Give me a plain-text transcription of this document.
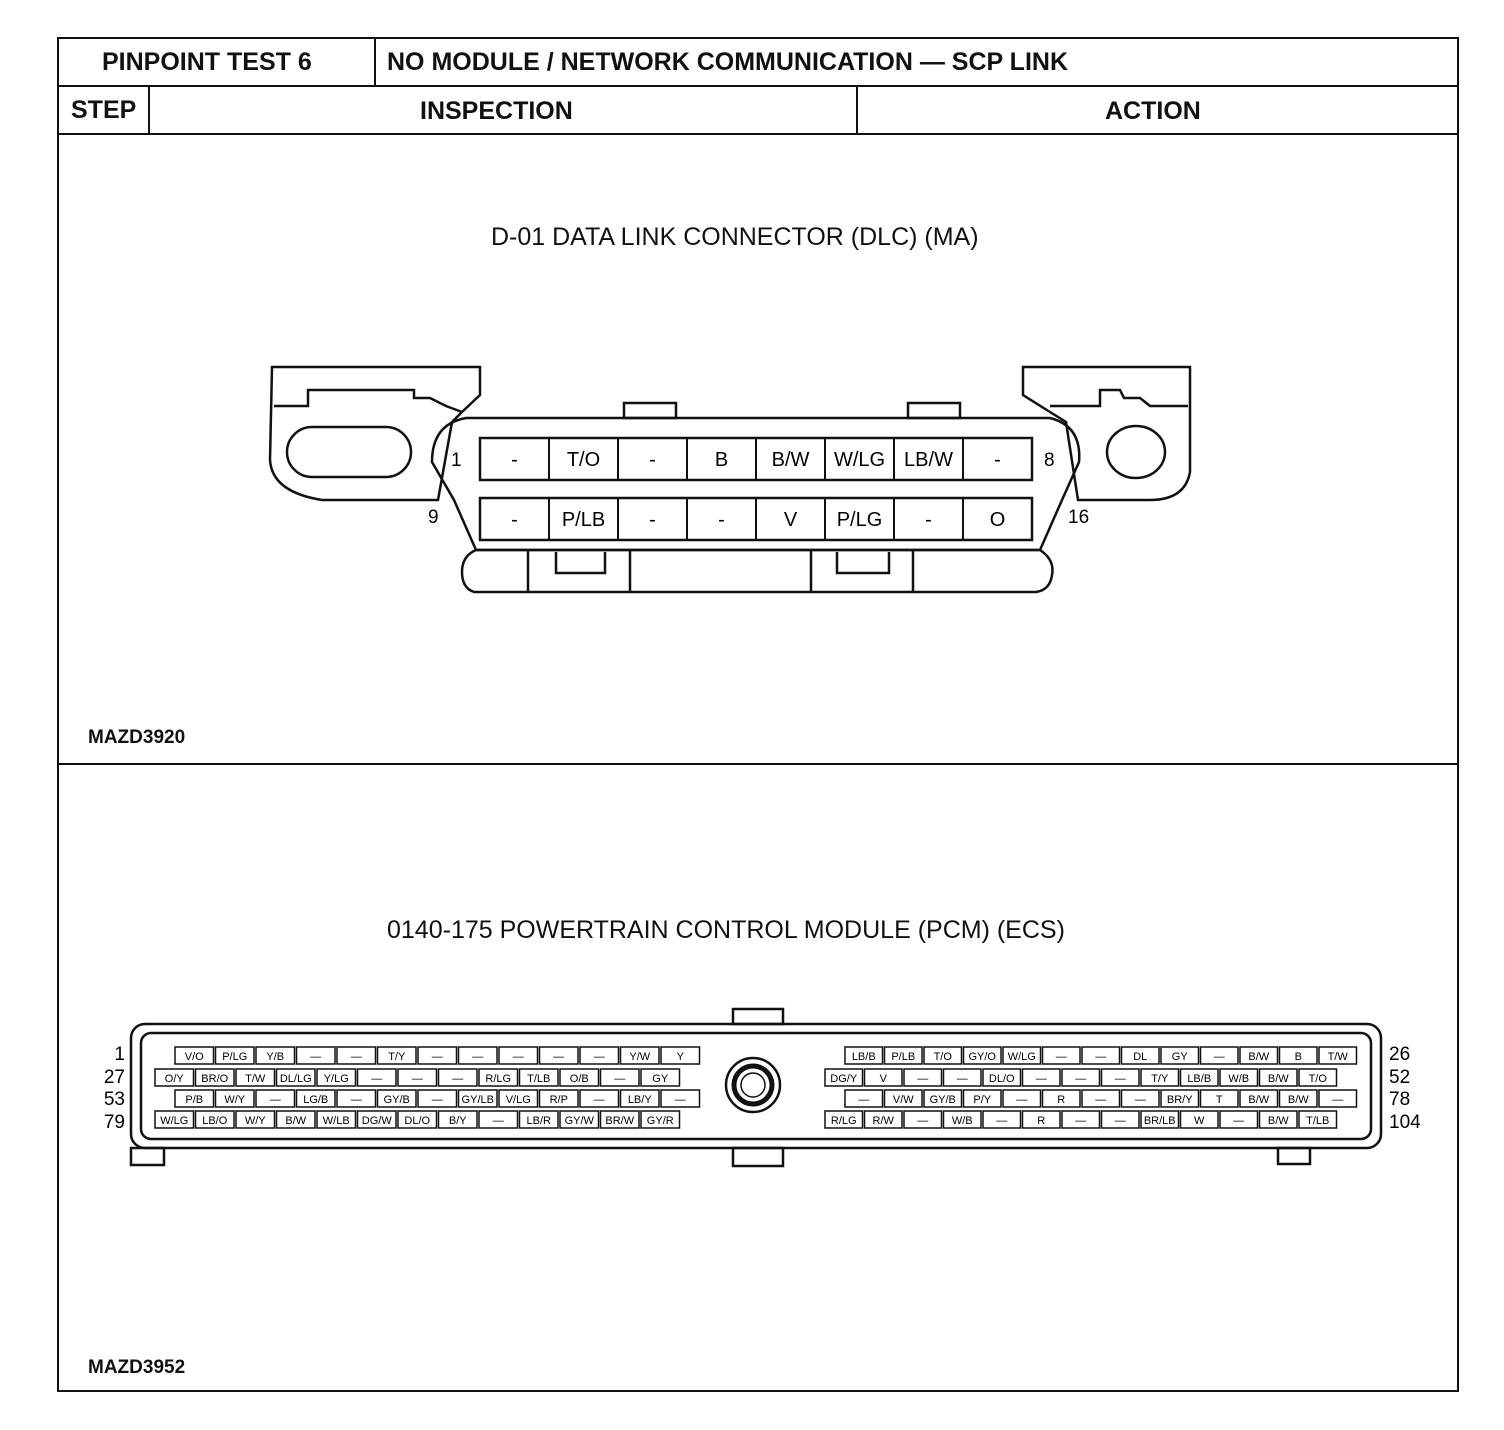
PINPOINT TEST 6	NO MODULE / NETWORK COMMUNICATION — SCP LINK
STEP	INSPECTION	ACTION
D-01 DATA LINK CONNECTOR (DLC) (MA)
MAZD3920
0140-175 POWERTRAIN CONTROL MODULE (PCM) (ECS)
MAZD3952
- T/O -	B B/W W/LG LB/W -
- P/LB -	-	V P/LG -	O
1	8
9	16
V/O P/LG Y/B —	— T/Y —	—	—	—	— Y/W Y
O/Y BR/O T/W DL/LG Y/LG —	—	— R/LG T/LB O/B — GY
P/B W/Y — LG/B — GY/B — GY/LB V/LG R/P — LB/Y —
W/LG LB/O W/Y B/W W/LB DG/W DL/O B/Y — LB/R GY/W BR/W GY/R
LB/B P/LB T/O GY/O W/LG —	— DL GY — B/W B T/W
DG/Y V	—	— DL/O —	—	— T/Y LB/B W/B B/W T/O
— V/W GY/B P/Y —	R	—	— BR/Y T B/W B/W —
R/LG R/W — W/B —	R	—	— BR/LB W	— B/W T/LB
1
27
53
79
26
52
78
104
